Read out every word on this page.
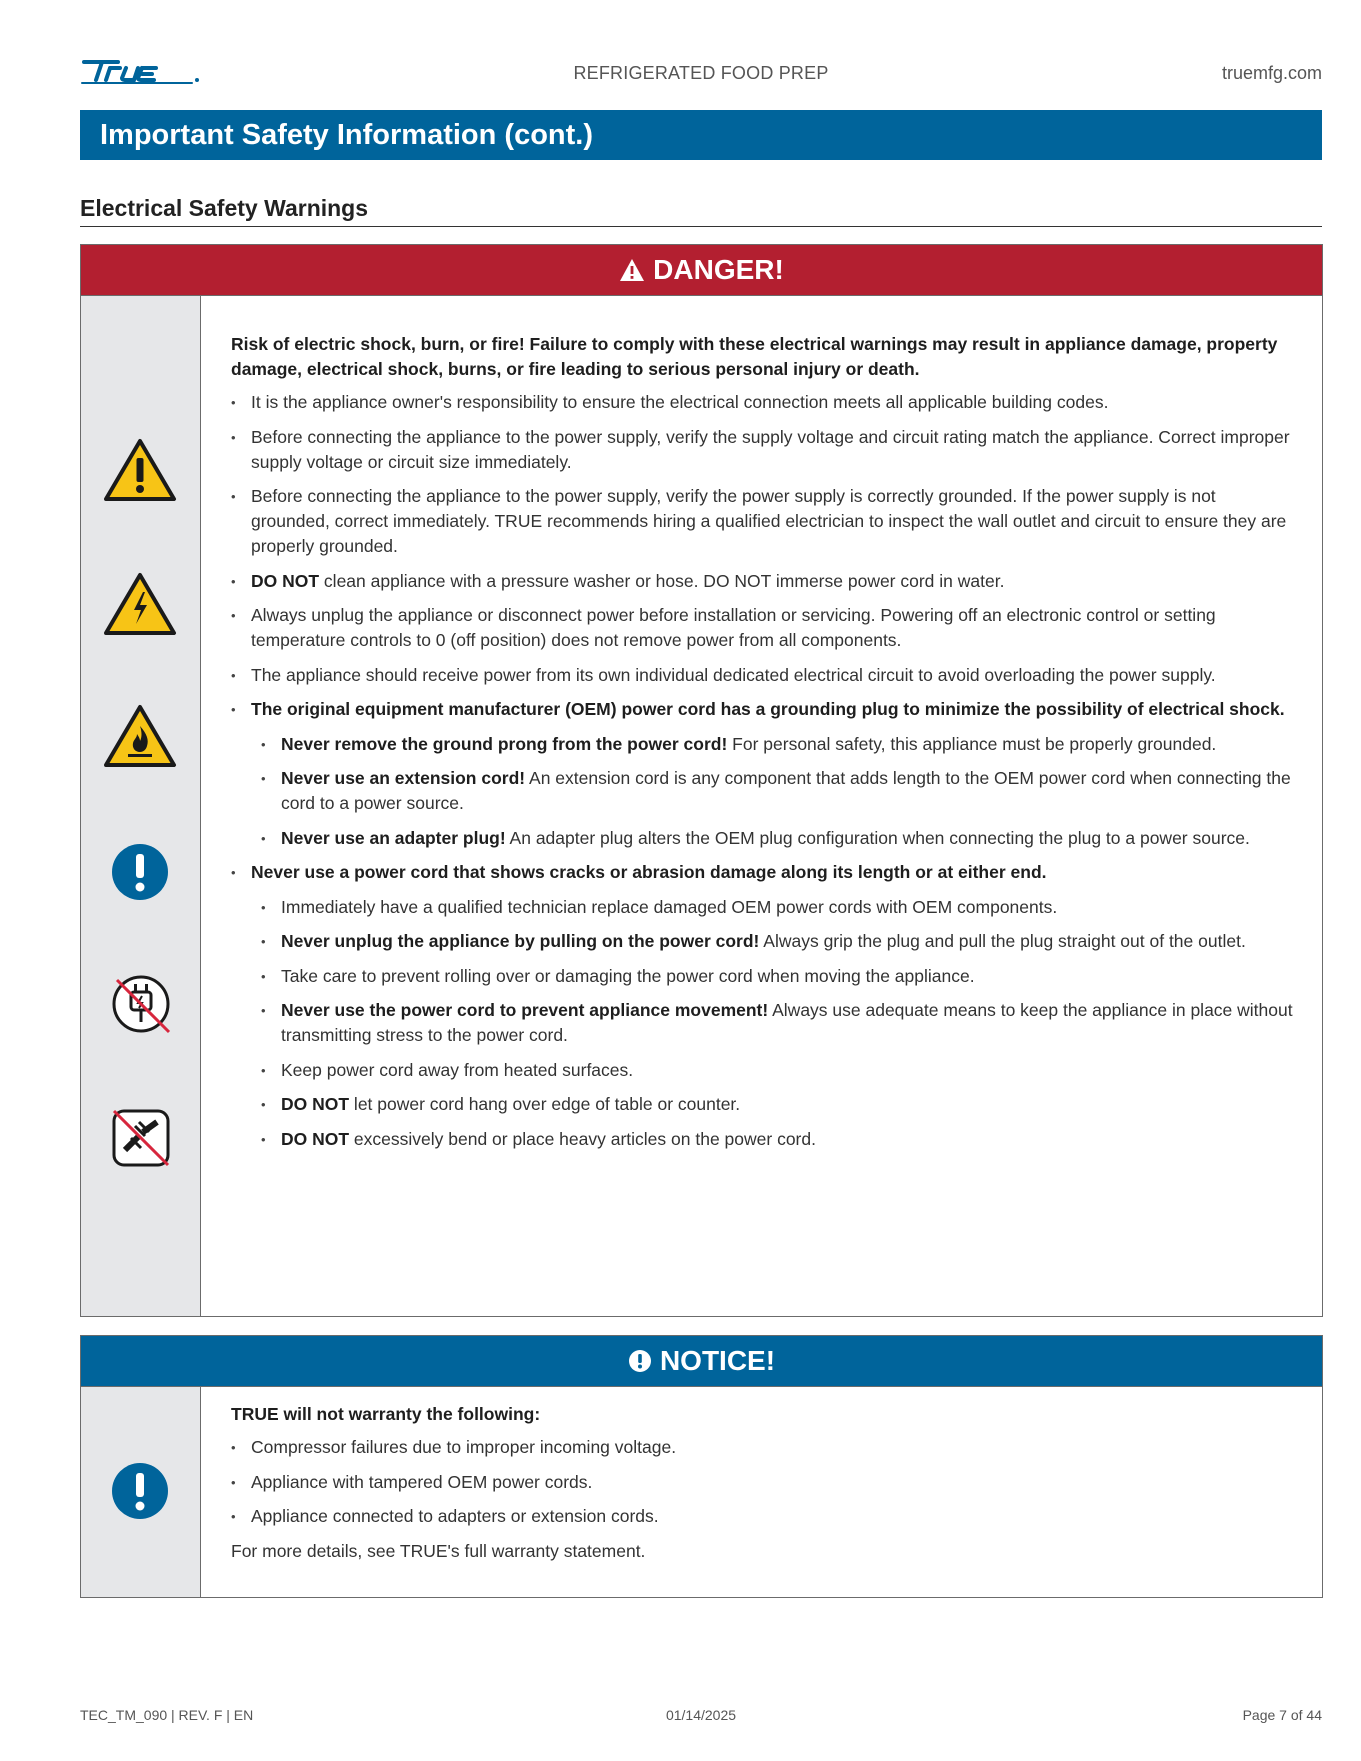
REFRIGERATED FOOD PREP	truemfg.com
Important Safety Information (cont.)
Electrical Safety Warnings
DANGER!

Risk of electric shock, burn, or fire! Failure to comply with these electrical warnings may result in appliance damage, property damage, electrical shock, burns, or fire leading to serious personal injury or death.

• It is the appliance owner's responsibility to ensure the electrical connection meets all applicable building codes.
• Before connecting the appliance to the power supply, verify the supply voltage and circuit rating match the appliance. Correct improper supply voltage or circuit size immediately.
• Before connecting the appliance to the power supply, verify the power supply is correctly grounded. If the power supply is not grounded, correct immediately. TRUE recommends hiring a qualified electrician to inspect the wall outlet and circuit to ensure they are properly grounded.
• DO NOT clean appliance with a pressure washer or hose. DO NOT immerse power cord in water.
• Always unplug the appliance or disconnect power before installation or servicing. Powering off an electronic control or setting temperature controls to 0 (off position) does not remove power from all components.
• The appliance should receive power from its own individual dedicated electrical circuit to avoid overloading the power supply.
• The original equipment manufacturer (OEM) power cord has a grounding plug to minimize the possibility of electrical shock.
• Never remove the ground prong from the power cord! For personal safety, this appliance must be properly grounded.
• Never use an extension cord! An extension cord is any component that adds length to the OEM power cord when connecting the cord to a power source.
• Never use an adapter plug! An adapter plug alters the OEM plug configuration when connecting the plug to a power source.
• Never use a power cord that shows cracks or abrasion damage along its length or at either end.
• Immediately have a qualified technician replace damaged OEM power cords with OEM components.
• Never unplug the appliance by pulling on the power cord! Always grip the plug and pull the plug straight out of the outlet.
• Take care to prevent rolling over or damaging the power cord when moving the appliance.
• Never use the power cord to prevent appliance movement! Always use adequate means to keep the appliance in place without transmitting stress to the power cord.
• Keep power cord away from heated surfaces.
• DO NOT let power cord hang over edge of table or counter.
• DO NOT excessively bend or place heavy articles on the power cord.
NOTICE!

TRUE will not warranty the following:

• Compressor failures due to improper incoming voltage.
• Appliance with tampered OEM power cords.
• Appliance connected to adapters or extension cords.
For more details, see TRUE's full warranty statement.
TEC_TM_090 | REV. F | EN	01/14/2025	Page 7 of 44
